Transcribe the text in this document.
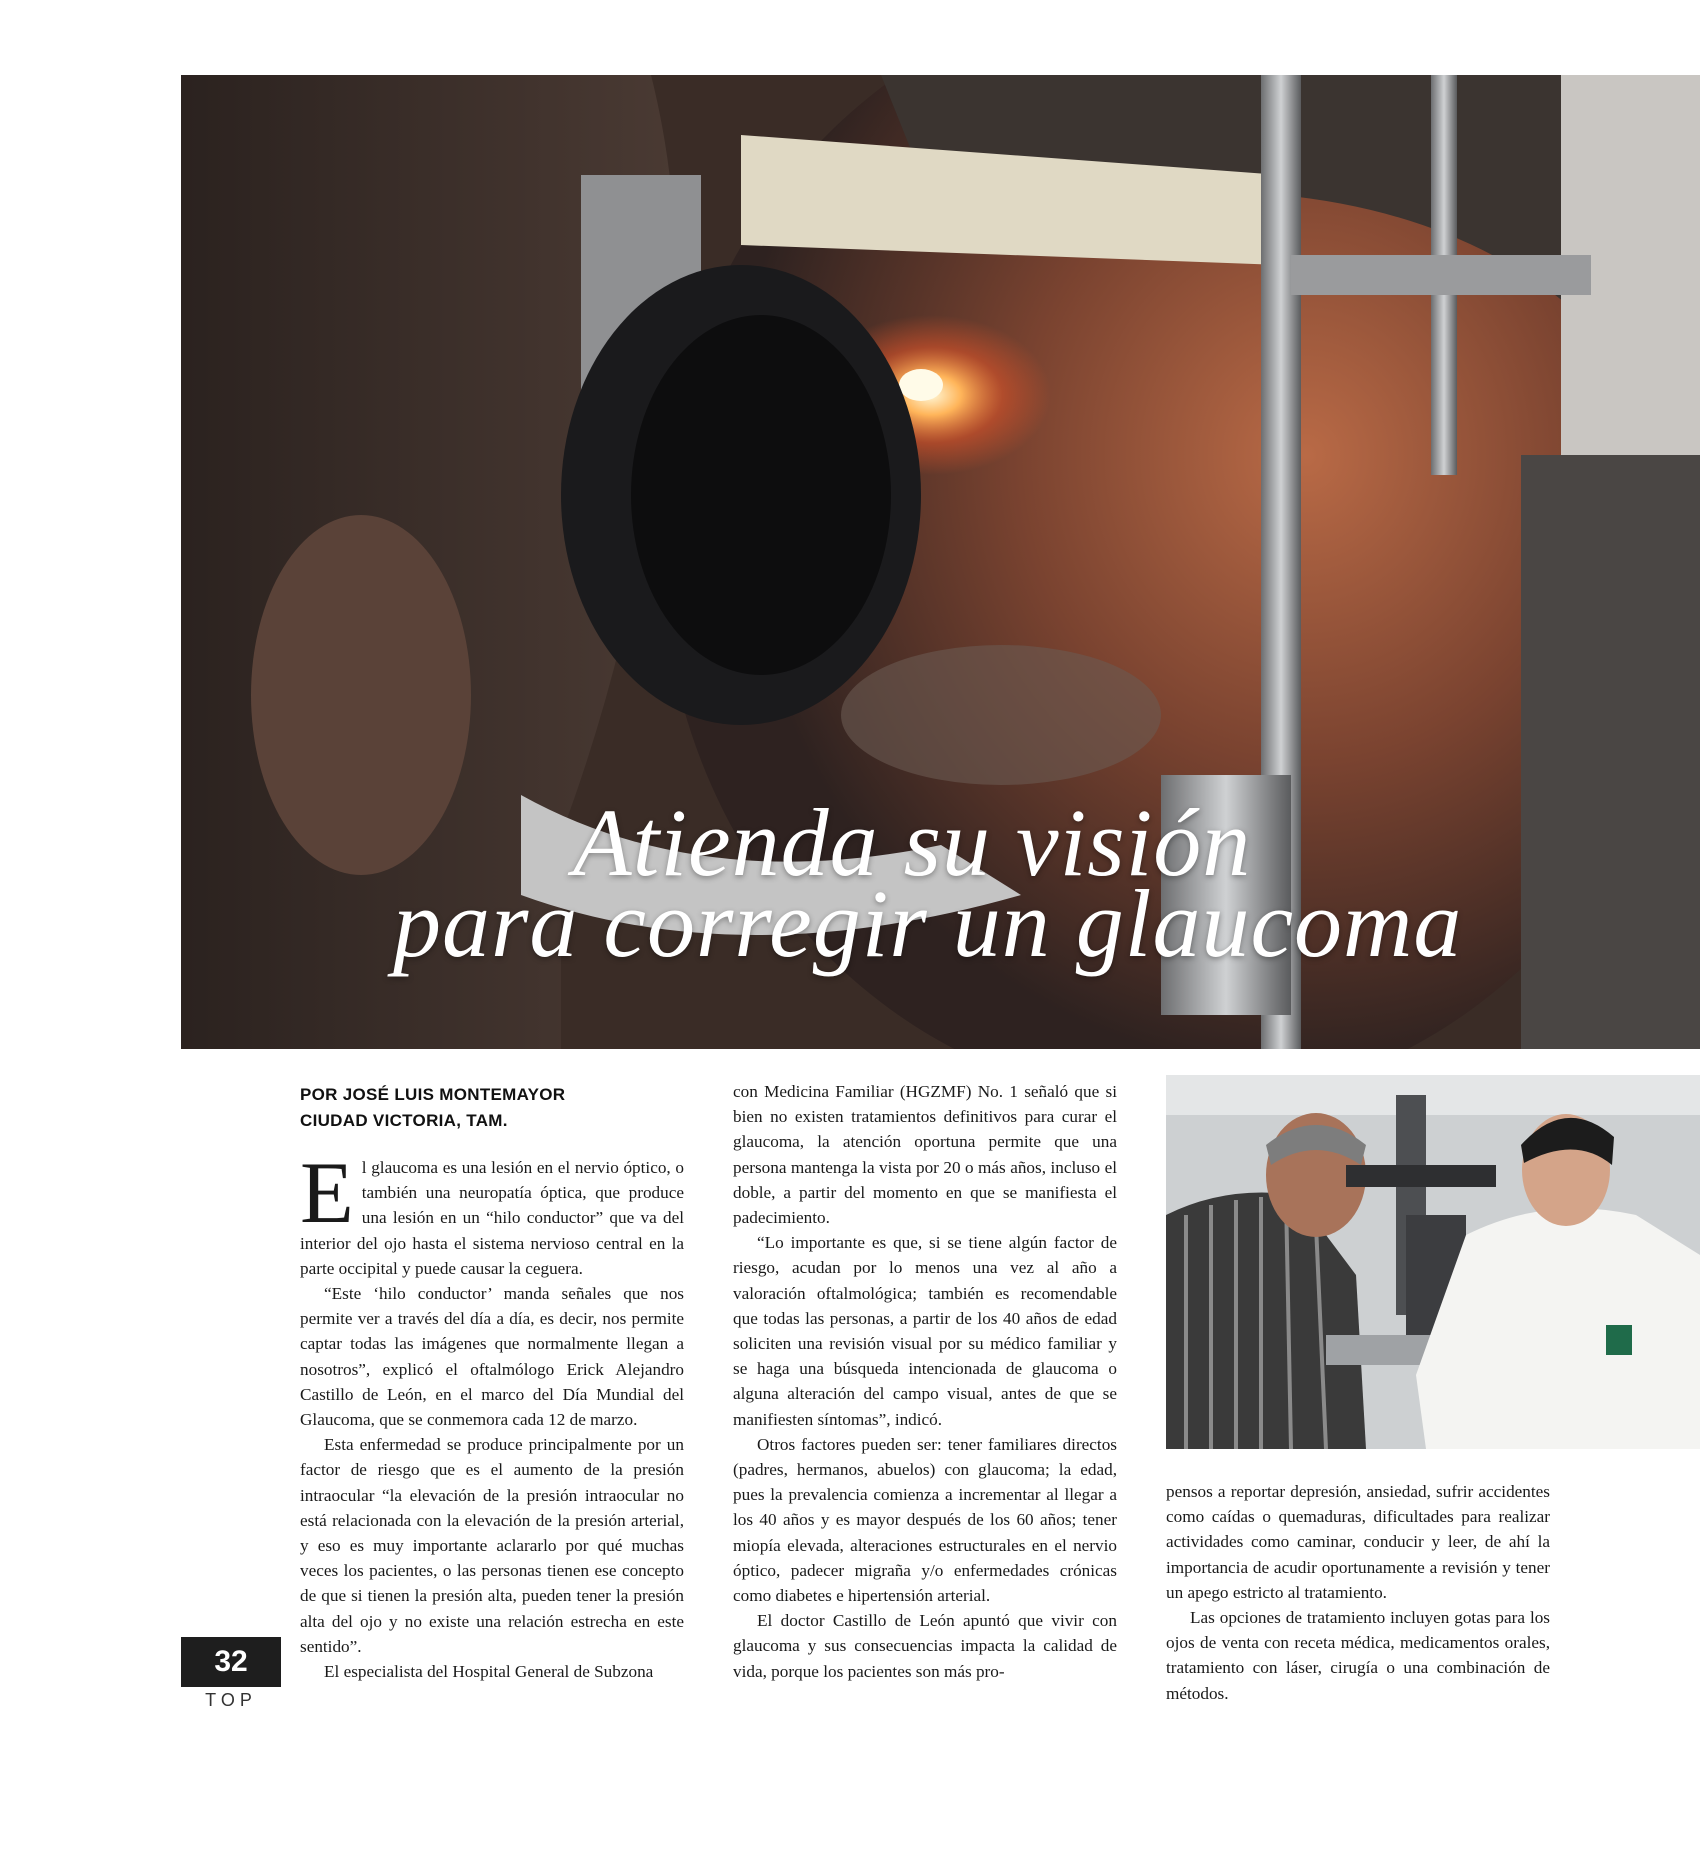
Atienda su visión
para corregir un glaucoma
POR JOSÉ LUIS MONTEMAYOR
CIUDAD VICTORIA, TAM.

El glaucoma es una lesión en el nervio óptico, o también una neuropatía óptica, que produce una lesión en un “hilo conductor” que va del interior del ojo hasta el sistema nervioso central en la parte occipital y puede causar la ceguera.

“Este ‘hilo conductor’ manda señales que nos permite ver a través del día a día, es decir, nos permite captar todas las imágenes que normalmente llegan a nosotros”, explicó el oftalmólogo Erick Alejandro Castillo de León, en el marco del Día Mundial del Glaucoma, que se conmemora cada 12 de marzo.

Esta enfermedad se produce principalmente por un factor de riesgo que es el aumento de la presión intraocular “la elevación de la presión intraocular no está relacionada con la elevación de la presión arterial, y eso es muy importante aclararlo por qué muchas veces los pacientes, o las personas tienen ese concepto de que si tienen la presión alta, pueden tener la presión alta del ojo y no existe una relación estrecha en este sentido”.

El especialista del Hospital General de Subzona

con Medicina Familiar (HGZMF) No. 1 señaló que si bien no existen tratamientos definitivos para curar el glaucoma, la atención oportuna permite que una persona mantenga la vista por 20 o más años, incluso el doble, a partir del momento en que se manifiesta el padecimiento.

“Lo importante es que, si se tiene algún factor de riesgo, acudan por lo menos una vez al año a valoración oftalmológica; también es recomendable que todas las personas, a partir de los 40 años de edad soliciten una revisión visual por su médico familiar y se haga una búsqueda intencionada de glaucoma o alguna alteración del campo visual, antes de que se manifiesten síntomas”, indicó.

Otros factores pueden ser: tener familiares directos (padres, hermanos, abuelos) con glaucoma; la edad, pues la prevalencia comienza a incrementar al llegar a los 40 años y es mayor después de los 60 años; tener miopía elevada, alteraciones estructurales en el nervio óptico, padecer migraña y/o enfermedades crónicas como diabetes e hipertensión arterial.

El doctor Castillo de León apuntó que vivir con glaucoma y sus consecuencias impacta la calidad de vida, porque los pacientes son más pro-

pensos a reportar depresión, ansiedad, sufrir accidentes como caídas o quemaduras, dificultades para realizar actividades como caminar, conducir y leer, de ahí la importancia de acudir oportunamente a revisión y tener un apego estricto al tratamiento.

Las opciones de tratamiento incluyen gotas para los ojos de venta con receta médica, medicamentos orales, tratamiento con láser, cirugía o una combinación de métodos.

32
TOP
